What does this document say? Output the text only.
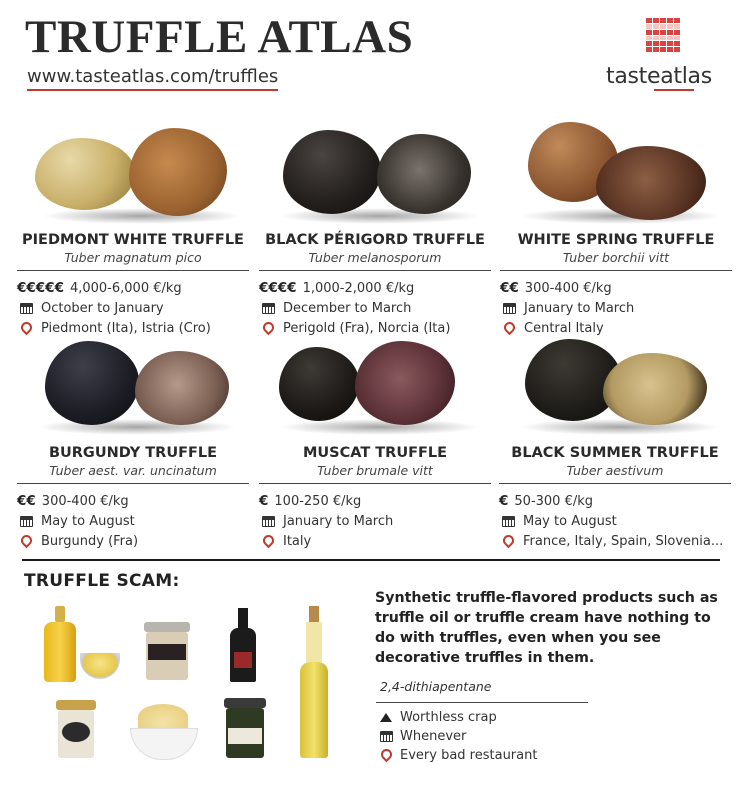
TRUFFLE ATLAS
www.tasteatlas.com/truffles	tasteatlas
PIEDMONT WHITE TRUFFLE
Tuber magnatum pico
€€€€€ 4,000-6,000 €/kg
October to January
Piedmont (Ita), Istria (Cro)
BLACK PÉRIGORD TRUFFLE
Tuber melanosporum
€€€€ 1,000-2,000 €/kg
December to March
Perigold (Fra), Norcia (Ita)
WHITE SPRING TRUFFLE
Tuber borchii vitt
€€ 300-400 €/kg
January to March
Central Italy
BURGUNDY TRUFFLE
Tuber aest. var. uncinatum
€€ 300-400 €/kg
May to August
Burgundy (Fra)
MUSCAT TRUFFLE
Tuber brumale vitt
€ 100-250 €/kg
January to March
Italy
BLACK SUMMER TRUFFLE
Tuber aestivum
€ 50-300 €/kg
May to August
France, Italy, Spain, Slovenia...
TRUFFLE SCAM:
Synthetic truffle-flavored products such as truffle oil or truffle cream have nothing to do with truffles, even when you see decorative truffles in them.
2,4-dithiapentane
Worthless crap
Whenever
Every bad restaurant
